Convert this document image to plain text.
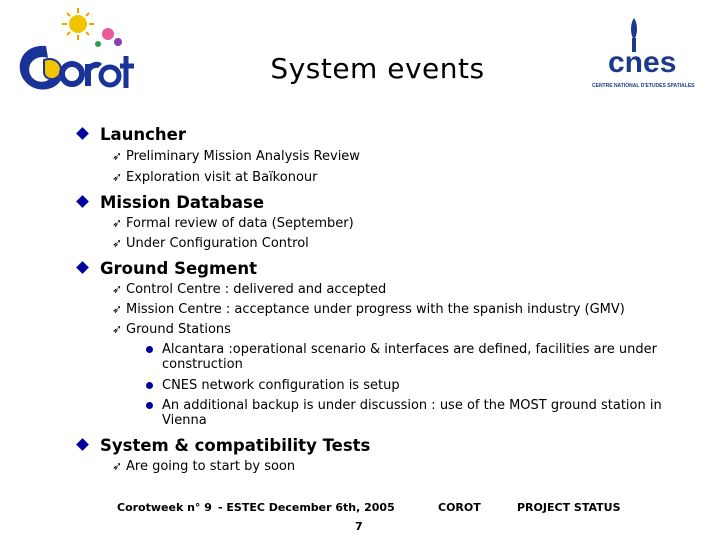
cnes
CENTRE NATIONAL D'ETUDES SPATIALES
System events
Launcher
➶ Preliminary Mission Analysis Review
➶ Exploration visit at Baïkonour
Mission Database
➶ Formal review of data (September)
➶ Under Configuration Control
Ground Segment
➶ Control Centre : delivered and accepted
➶ Mission Centre : acceptance under progress with the spanish industry (GMV)
➶ Ground Stations
Alcantara :operational scenario & interfaces are defined, facilities are under construction
CNES network configuration is setup
An additional backup is under discussion : use of the MOST ground station in Vienna
System & compatibility Tests
➶ Are going to start by soon
Corotweek n° 9 - ESTEC December 6th, 2005	COROT	PROJECT STATUS
7
